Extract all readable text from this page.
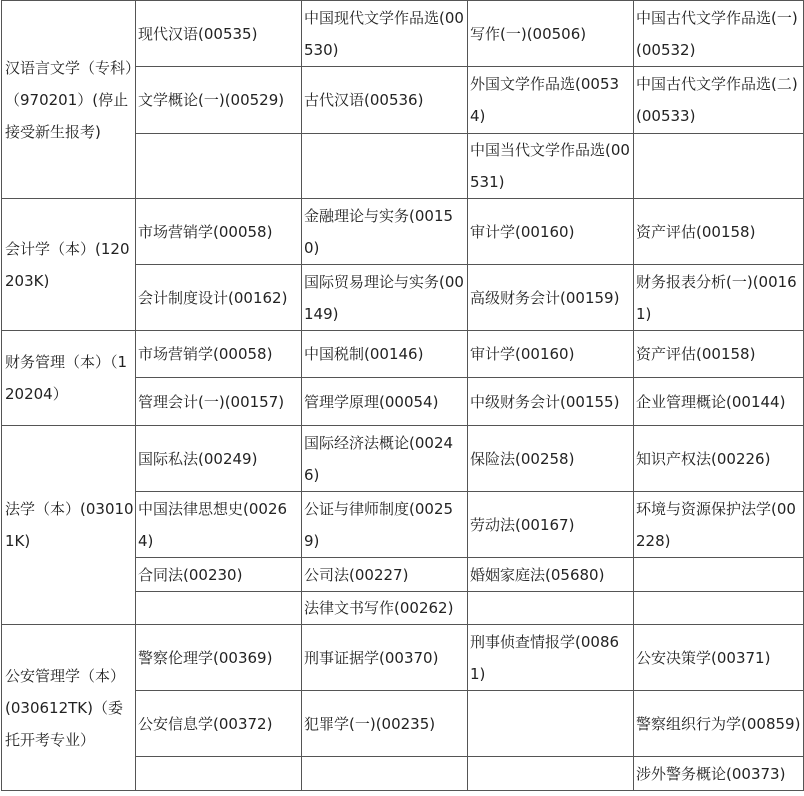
汉语言文学（专科）（970201）(停止接受新生报考)	现代汉语(00535)	中国现代文学作品选(00530)	写作(一)(00506)	中国古代文学作品选(一)(00532)
	文学概论(一)(00529)	古代汉语(00536)	外国文学作品选(00534)	中国古代文学作品选(二)(00533)
			中国当代文学作品选(00531)	
会计学（本）(120203K)	市场营销学(00058)	金融理论与实务(00150)	审计学(00160)	资产评估(00158)
	会计制度设计(00162)	国际贸易理论与实务(00149)	高级财务会计(00159)	财务报表分析(一)(00161)
财务管理（本）（120204）	市场营销学(00058)	中国税制(00146)	审计学(00160)	资产评估(00158)
	管理会计(一)(00157)	管理学原理(00054)	中级财务会计(00155)	企业管理概论(00144)
法学（本）(030101K)	国际私法(00249)	国际经济法概论(00246)	保险法(00258)	知识产权法(00226)
	中国法律思想史(00264)	公证与律师制度(00259)	劳动法(00167)	环境与资源保护法学(00228)
	合同法(00230)	公司法(00227)	婚姻家庭法(05680)	
		法律文书写作(00262)		
公安管理学（本）(030612TK)（委托开考专业）	警察伦理学(00369)	刑事证据学(00370)	刑事侦查情报学(00861)	公安决策学(00371)
	公安信息学(00372)	犯罪学(一)(00235)		警察组织行为学(00859)
				涉外警务概论(00373)
